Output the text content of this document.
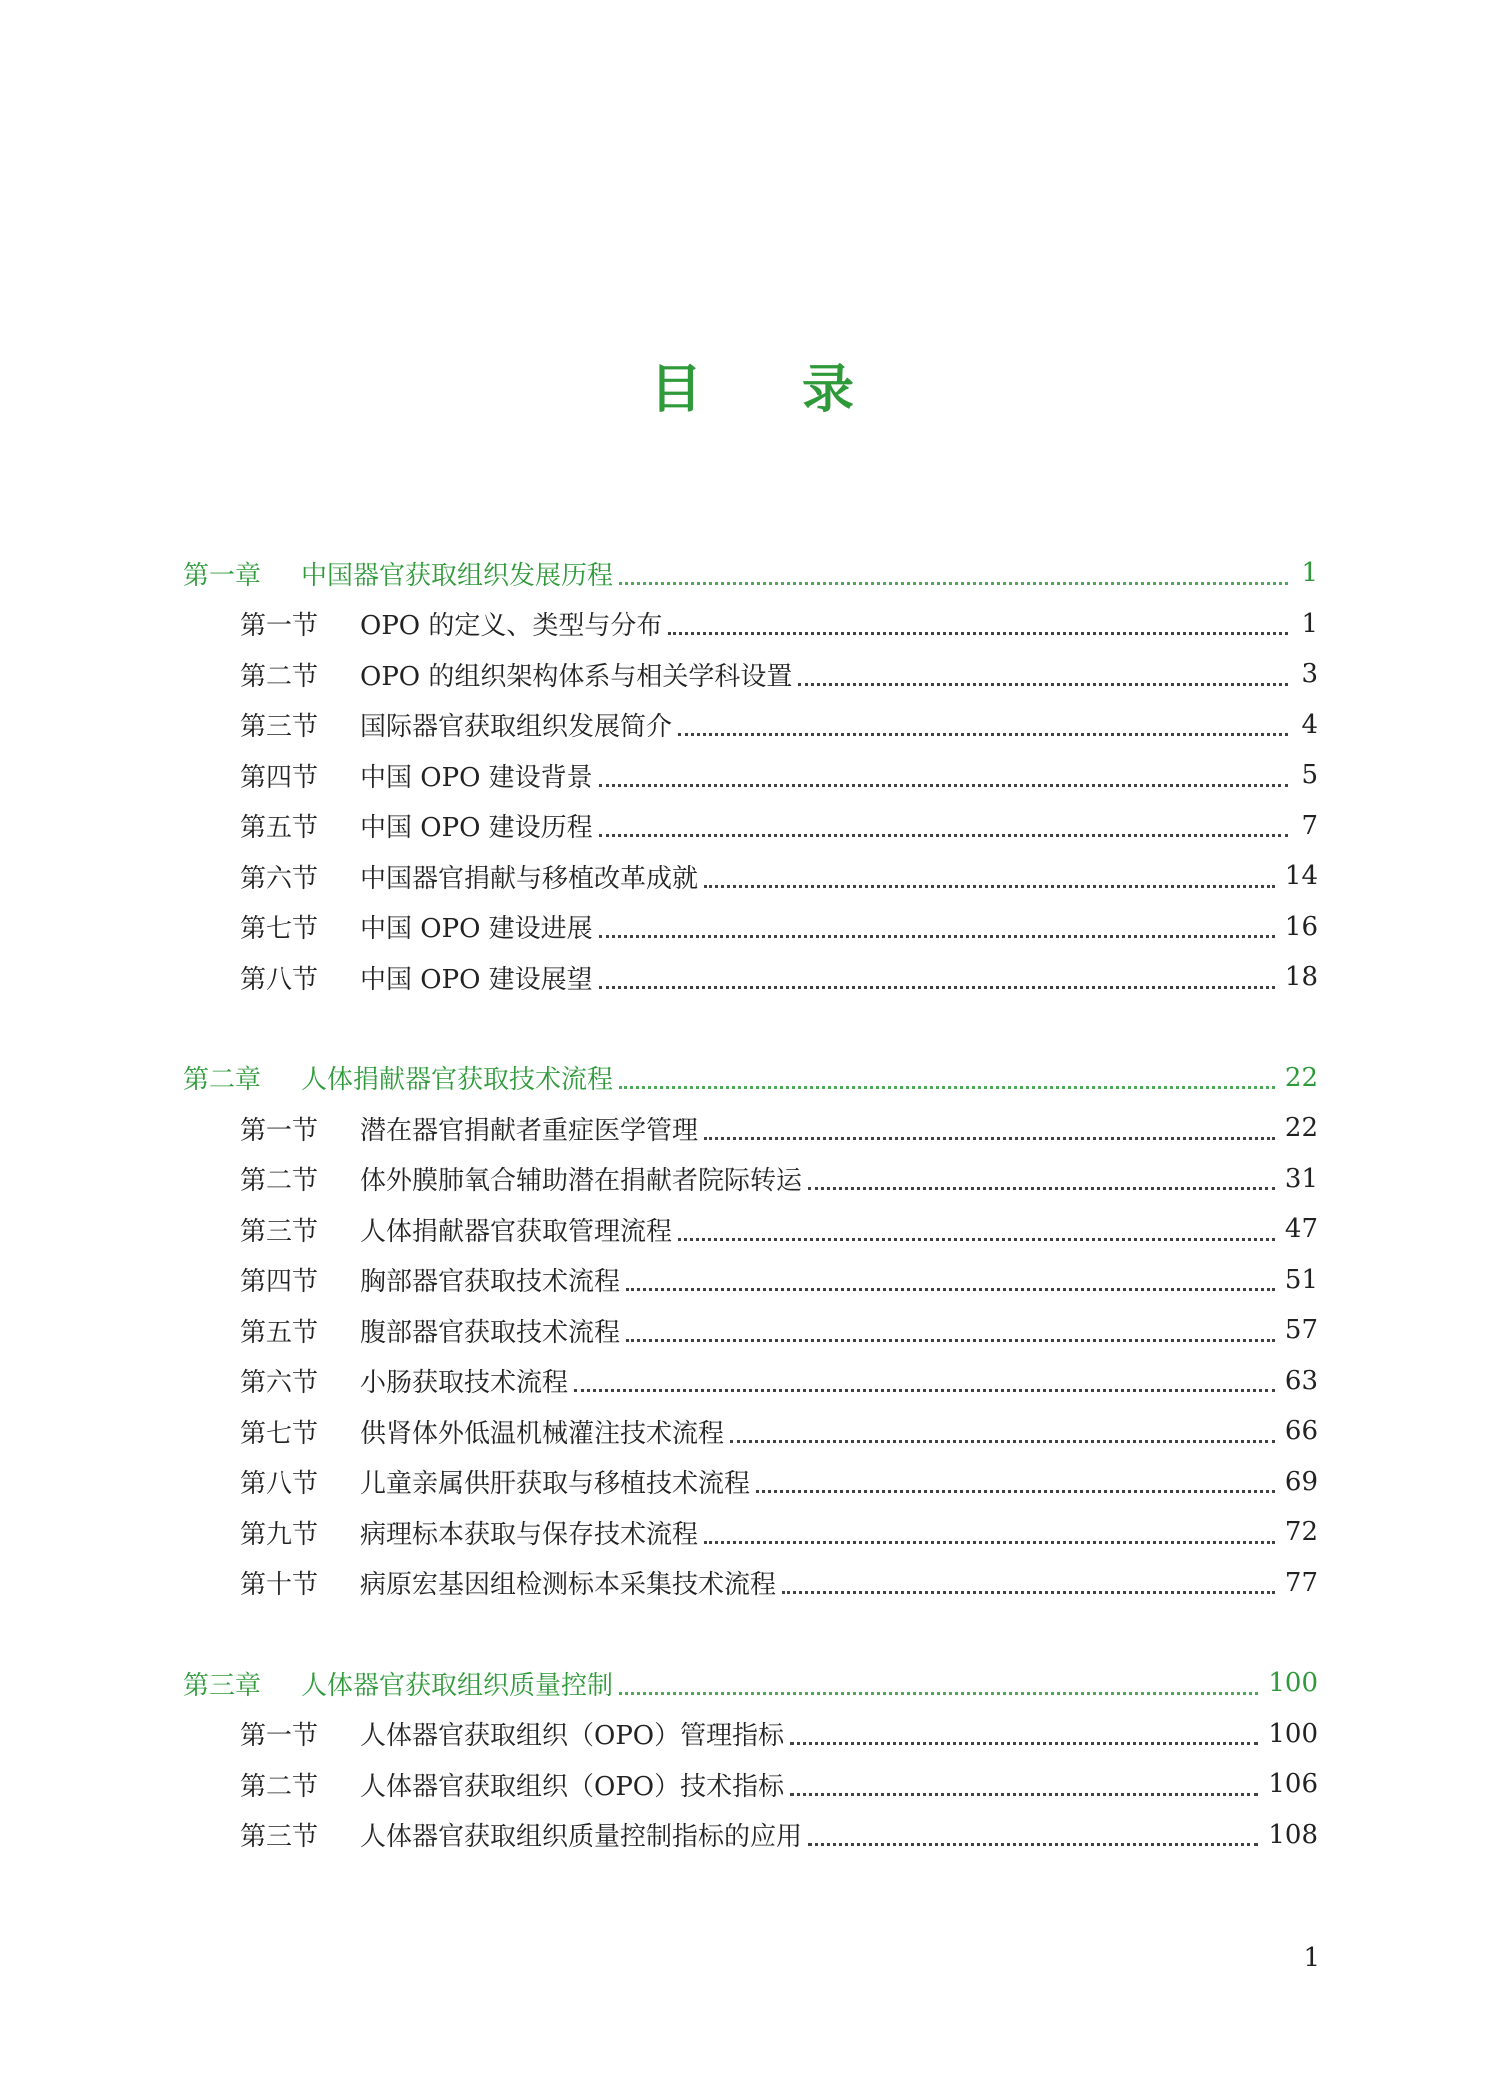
目 录
第一章	中国器官获取组织发展历程	1
第一节	OPO 的定义、类型与分布	1
第二节	OPO 的组织架构体系与相关学科设置	3
第三节	国际器官获取组织发展简介	4
第四节	中国 OPO 建设背景	5
第五节	中国 OPO 建设历程	7
第六节	中国器官捐献与移植改革成就	14
第七节	中国 OPO 建设进展	16
第八节	中国 OPO 建设展望	18
第二章	人体捐献器官获取技术流程	22
第一节	潜在器官捐献者重症医学管理	22
第二节	体外膜肺氧合辅助潜在捐献者院际转运	31
第三节	人体捐献器官获取管理流程	47
第四节	胸部器官获取技术流程	51
第五节	腹部器官获取技术流程	57
第六节	小肠获取技术流程	63
第七节	供肾体外低温机械灌注技术流程	66
第八节	儿童亲属供肝获取与移植技术流程	69
第九节	病理标本获取与保存技术流程	72
第十节	病原宏基因组检测标本采集技术流程	77
第三章	人体器官获取组织质量控制	100
第一节	人体器官获取组织（OPO）管理指标	100
第二节	人体器官获取组织（OPO）技术指标	106
第三节	人体器官获取组织质量控制指标的应用	108
1
